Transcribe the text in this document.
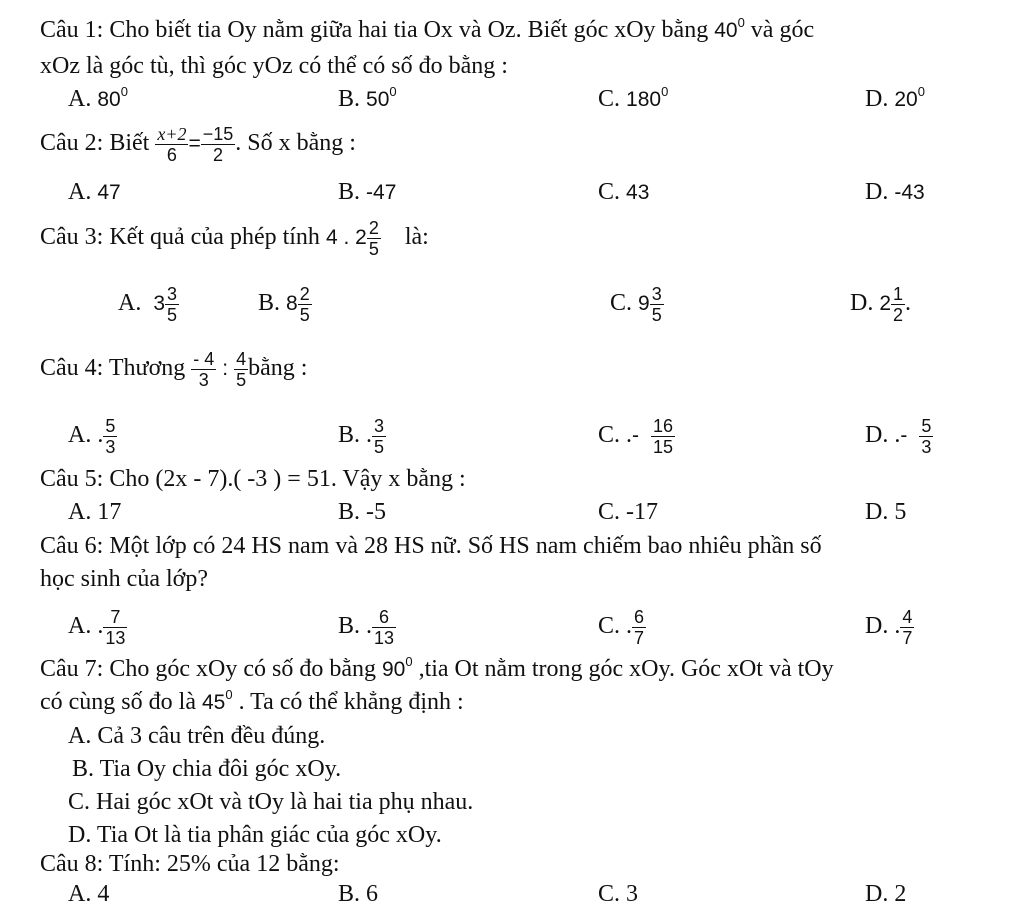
Câu 1: Cho biết tia Oy nằm giữa hai tia Ox và Oz. Biết góc xOy bằng $40^0$ và góc
xOz là góc tù, thì góc yOz có thể có số đo bằng :
A. $80^0$	B. $50^0$	C. $180^0$	D. $20^0$
Câu 2: Biết $\frac{x+2}{6} = \frac{-15}{2}$ . Số x bằng :
A. 47	B. -47	C. 43	D. -43
Câu 3: Kết quả của phép tính 4 . $2 \frac{2}{5}$ là:
A. $3 \frac{3}{5}$	B. $8 \frac{2}{5}$	C. $9 \frac{3}{5}$	D. $2 \frac{1}{2}$ .
Câu 4: Thương $\frac{- 4}{3}$ : $\frac{4}{5}$ bằng :
A. . $\frac{5}{3}$	B. . $\frac{3}{5}$	C. .- $\frac{16}{15}$	D. .- $\frac{5}{3}$
Câu 5: Cho (2x - 7).( -3 ) = 51. Vậy x bằng :
A. 17	B. -5	C. -17	D. 5
Câu 6: Một lớp có 24 HS nam và 28 HS nữ. Số HS nam chiếm bao nhiêu phần số
học sinh của lớp?
A. . $\frac{7}{13}$	B. . $\frac{6}{13}$	C. . $\frac{6}{7}$	D. . $\frac{4}{7}$
Câu 7: Cho góc xOy có số đo bằng $90^0$ ,tia Ot nằm trong góc xOy. Góc xOt và tOy
có cùng số đo là $45^0$ . Ta có thể khẳng định :
A. Cả 3 câu trên đều đúng.
B. Tia Oy chia đôi góc xOy.
C. Hai góc xOt và tOy là hai tia phụ nhau.
D. Tia Ot là tia phân giác của góc xOy.
Câu 8: Tính: 25% của 12 bằng:
A. 4	B. 6	C. 3	D. 2
